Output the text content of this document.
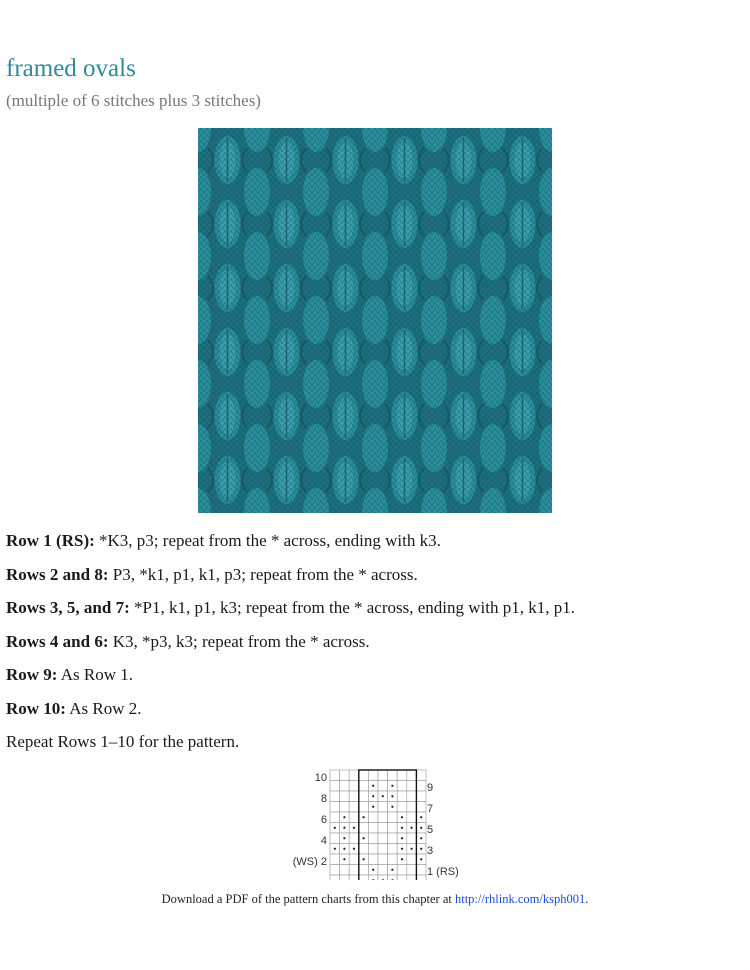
framed ovals
(multiple of 6 stitches plus 3 stitches)

Row 1 (RS): *K3, p3; repeat from the * across, ending with k3.

Rows 2 and 8: P3, *k1, p1, k1, p3; repeat from the * across.

Rows 3, 5, and 7: *P1, k1, p1, k3; repeat from the * across, ending with p1, k1, p1.

Rows 4 and 6: K3, *p3, k3; repeat from the * across.

Row 9: As Row 1.

Row 10: As Row 2.

Repeat Rows 1–10 for the pattern.

10
8
6
4
(WS) 2
9
7
5
3
1 (RS)
Download a PDF of the pattern charts from this chapter at http://rhlink.com/ksph001.
